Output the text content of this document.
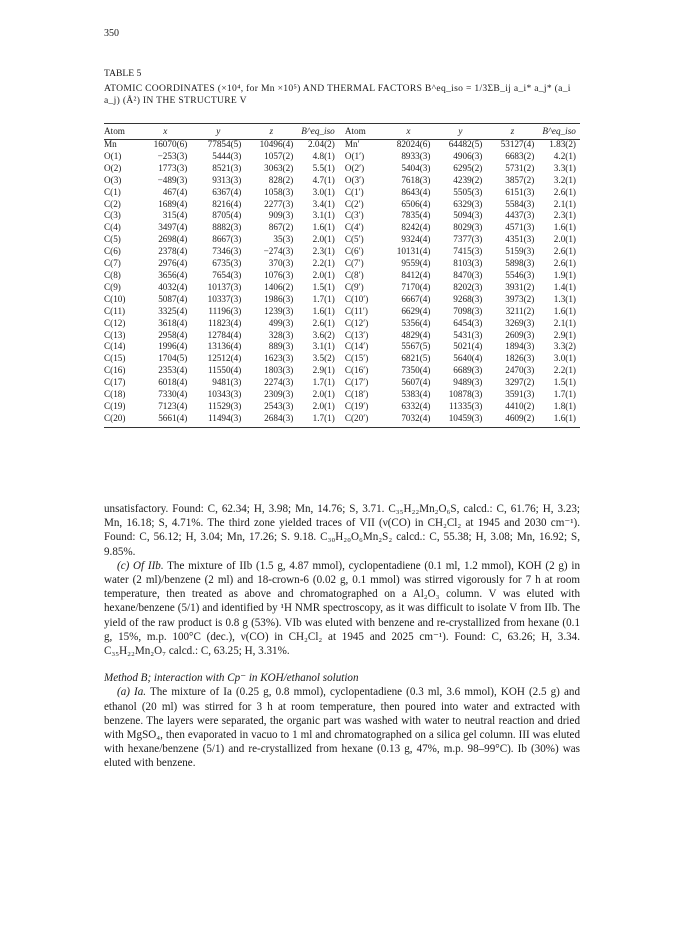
350
TABLE 5
ATOMIC COORDINATES (×10⁴, for Mn ×10⁵) AND THERMAL FACTORS B^eq_iso = 1/3ΣB_ij a_i* a_j* (a_i a_j) (Å²) IN THE STRUCTURE V
Atom	x	y	z	B^eq_iso	Atom	x	y	z	B^eq_iso
Mn	16070(6)	77854(5)	10496(4)	2.04(2)	Mn′	82024(6)	64482(5)	53127(4)	1.83(2)
O(1)	−253(3)	5444(3)	1057(2)	4.8(1)	O(1′)	8933(3)	4906(3)	6683(2)	4.2(1)
O(2)	1773(3)	8521(3)	3063(2)	5.5(1)	O(2′)	5404(3)	6295(2)	5731(2)	3.3(1)
O(3)	−489(3)	9313(3)	828(2)	4.7(1)	O(3′)	7618(3)	4239(2)	3857(2)	3.2(1)
C(1)	467(4)	6367(4)	1058(3)	3.0(1)	C(1′)	8643(4)	5505(3)	6151(3)	2.6(1)
C(2)	1689(4)	8216(4)	2277(3)	3.4(1)	C(2′)	6506(4)	6329(3)	5584(3)	2.1(1)
C(3)	315(4)	8705(4)	909(3)	3.1(1)	C(3′)	7835(4)	5094(3)	4437(3)	2.3(1)
C(4)	3497(4)	8882(3)	867(2)	1.6(1)	C(4′)	8242(4)	8029(3)	4571(3)	1.6(1)
C(5)	2698(4)	8667(3)	35(3)	2.0(1)	C(5′)	9324(4)	7377(3)	4351(3)	2.0(1)
C(6)	2378(4)	7346(3)	−274(3)	2.3(1)	C(6′)	10131(4)	7415(3)	5159(3)	2.6(1)
C(7)	2976(4)	6735(3)	370(3)	2.2(1)	C(7′)	9559(4)	8103(3)	5898(3)	2.6(1)
C(8)	3656(4)	7654(3)	1076(3)	2.0(1)	C(8′)	8412(4)	8470(3)	5546(3)	1.9(1)
C(9)	4032(4)	10137(3)	1406(2)	1.5(1)	C(9′)	7170(4)	8202(3)	3931(2)	1.4(1)
C(10)	5087(4)	10337(3)	1986(3)	1.7(1)	C(10′)	6667(4)	9268(3)	3973(2)	1.3(1)
C(11)	3325(4)	11196(3)	1239(3)	1.6(1)	C(11′)	6629(4)	7098(3)	3211(2)	1.6(1)
C(12)	3618(4)	11823(4)	499(3)	2.6(1)	C(12′)	5356(4)	6454(3)	3269(3)	2.1(1)
C(13)	2958(4)	12784(4)	328(3)	3.6(2)	C(13′)	4829(4)	5431(3)	2609(3)	2.9(1)
C(14)	1996(4)	13136(4)	889(3)	3.1(1)	C(14′)	5567(5)	5021(4)	1894(3)	3.3(2)
C(15)	1704(5)	12512(4)	1623(3)	3.5(2)	C(15′)	6821(5)	5640(4)	1826(3)	3.0(1)
C(16)	2353(4)	11550(4)	1803(3)	2.9(1)	C(16′)	7350(4)	6689(3)	2470(3)	2.2(1)
C(17)	6018(4)	9481(3)	2274(3)	1.7(1)	C(17′)	5607(4)	9489(3)	3297(2)	1.5(1)
C(18)	7330(4)	10343(3)	2309(3)	2.0(1)	C(18′)	5383(4)	10878(3)	3591(3)	1.7(1)
C(19)	7123(4)	11529(3)	2543(3)	2.0(1)	C(19′)	6332(4)	11335(3)	4410(2)	1.8(1)
C(20)	5661(4)	11494(3)	2684(3)	1.7(1)	C(20′)	7032(4)	10459(3)	4609(2)	1.6(1)

unsatisfactory. Found: C, 62.34; H, 3.98; Mn, 14.76; S, 3.71. C₃₅H₂₂Mn₂O₆S, calcd.: C, 61.76; H, 3.23; Mn, 16.18; S, 4.71%. The third zone yielded traces of VII (ν(CO) in CH₂Cl₂ at 1945 and 2030 cm⁻¹). Found: C, 56.12; H, 3.04; Mn, 17.26; S. 9.18. C₃₀H₂₀O₆Mn₂S₂ calcd.: C, 55.38; H, 3.08; Mn, 16.92; S, 9.85%.

(c) Of IIb. The mixture of IIb (1.5 g, 4.87 mmol), cyclopentadiene (0.1 ml, 1.2 mmol), KOH (2 g) in water (2 ml)/benzene (2 ml) and 18-crown-6 (0.02 g, 0.1 mmol) was stirred vigorously for 7 h at room temperature, then treated as above and chromatographed on a Al₂O₃ column. V was eluted with hexane/benzene (5/1) and identified by ¹H NMR spectroscopy, as it was difficult to isolate V from IIb. The yield of the raw product is 0.8 g (53%). VIb was eluted with benzene and re-crystallized from hexane (0.1 g, 15%, m.p. 100°C (dec.), ν(CO) in CH₂Cl₂ at 1945 and 2025 cm⁻¹). Found: C, 63.26; H, 3.34. C₃₅H₂₂Mn₂O₇ calcd.: C, 63.25; H, 3.31%.

Method B; interaction with Cp⁻ in KOH/ethanol solution

(a) Ia. The mixture of Ia (0.25 g, 0.8 mmol), cyclopentadiene (0.3 ml, 3.6 mmol), KOH (2.5 g) and ethanol (20 ml) was stirred for 3 h at room temperature, then poured into water and extracted with benzene. The layers were separated, the organic part was washed with water to neutral reaction and dried with MgSO₄, then evaporated in vacuo to 1 ml and chromatographed on a silica gel column. III was eluted with hexane/benzene (5/1) and re-crystallized from hexane (0.13 g, 47%, m.p. 98–99°C). Ib (30%) was eluted with benzene.
